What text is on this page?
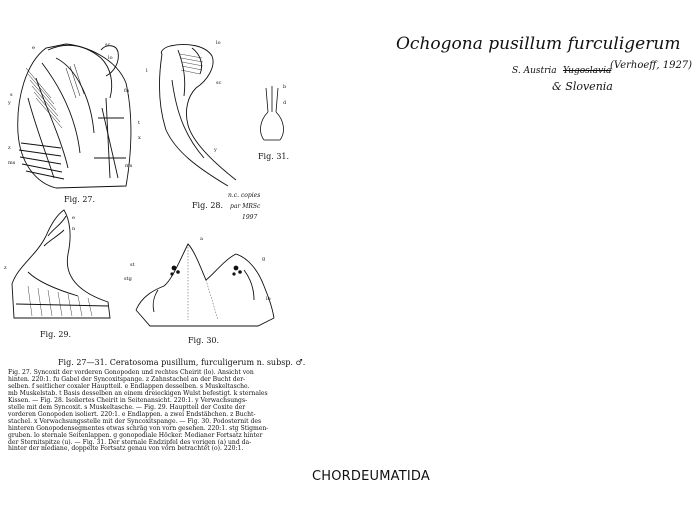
sc
lo
e
fu
s
y
z
t
x
ms
ms
Fig. 27.
lo
l
sc
y
Fig. 28.
b
d
Fig. 31.
e
n
z
Fig. 29.
st
g
stg
lo
a
Fig. 30.
Ochogona pusillum furculigerum
(Verhoeff, 1927)
S. Austria Yugoslavia
& Slovenia
n.c. copies
par MRSc
1997
Fig. 27—31. Ceratosoma pusillum, furculigerum n. subsp. ♂.

Fig. 27. Syncoxit der vorderen Gonopoden und rechtes Cheirit (lo). Ansicht von

hinten. 220:1. fu Gabel der Syncoxitspange. z Zahnstachel an der Bucht der-

selben. f seitlicher coxaler Hauptteil. e Endlappen desselben. s Muskeltasche.

mb Muskelstab. t Basis desselben an einem dreieckigen Wulst befestigt. k sternales

Kissen. — Fig. 28. Isoliertes Cheirit in Seitenansicht. 220:1. y Verwachsungs-

stelle mit dem Syncoxit. s Muskeltasche. — Fig. 29. Hauptteil der Coxite der

vorderen Gonopoden isoliert. 220:1. e Endlappen. a zwei Endstäbchen. z Bucht-

stachel. x Verwachsungsstelle mit der Syncoxitspange. — Fig. 30. Podosternit des

hinteren Gonopodensegmentes etwas schräg von vorn gesehen. 220:1. stg Stigmen-

gruben. lo sternale Seitenlappen. g gonopodiale Höcker. Medianer Fortsatz hinter

der Sternitspitze (u). — Fig. 31. Der sternale Endzipfel des vorigen (a) und da-

hinter der mediane, doppelte Fortsatz genau von vorn betrachtet (o). 220:1.

CHORDEUMATIDA
